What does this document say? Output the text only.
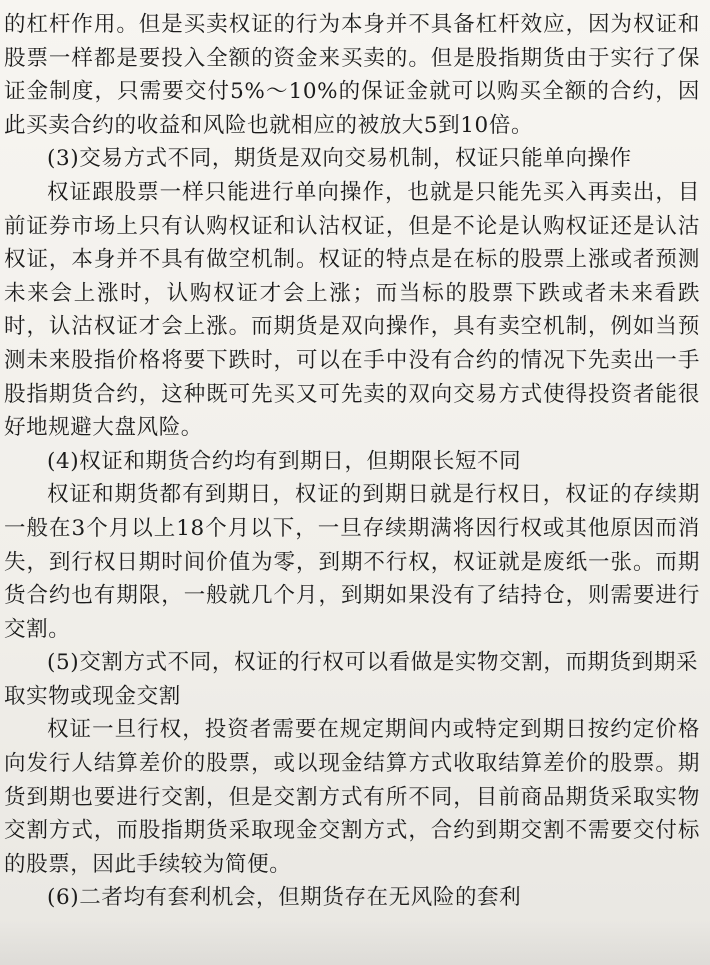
的杠杆作用。但是买卖权证的行为本身并不具备杠杆效应，因为权证和股票一样都是要投入全额的资金来买卖的。但是股指期货由于实行了保证金制度，只需要交付5%～10%的保证金就可以购买全额的合约，因此买卖合约的收益和风险也就相应的被放大5到10倍。

(3)交易方式不同，期货是双向交易机制，权证只能单向操作

权证跟股票一样只能进行单向操作，也就是只能先买入再卖出，目前证券市场上只有认购权证和认沽权证，但是不论是认购权证还是认沽权证，本身并不具有做空机制。权证的特点是在标的股票上涨或者预测未来会上涨时，认购权证才会上涨；而当标的股票下跌或者未来看跌时，认沽权证才会上涨。而期货是双向操作，具有卖空机制，例如当预测未来股指价格将要下跌时，可以在手中没有合约的情况下先卖出一手股指期货合约，这种既可先买又可先卖的双向交易方式使得投资者能很好地规避大盘风险。

(4)权证和期货合约均有到期日，但期限长短不同

权证和期货都有到期日，权证的到期日就是行权日，权证的存续期一般在3个月以上18个月以下，一旦存续期满将因行权或其他原因而消失，到行权日期时间价值为零，到期不行权，权证就是废纸一张。而期货合约也有期限，一般就几个月，到期如果没有了结持仓，则需要进行交割。

(5)交割方式不同，权证的行权可以看做是实物交割，而期货到期采取实物或现金交割

权证一旦行权，投资者需要在规定期间内或特定到期日按约定价格向发行人结算差价的股票，或以现金结算方式收取结算差价的股票。期货到期也要进行交割，但是交割方式有所不同，目前商品期货采取实物交割方式，而股指期货采取现金交割方式，合约到期交割不需要交付标的股票，因此手续较为简便。

(6)二者均有套利机会，但期货存在无风险的套利
